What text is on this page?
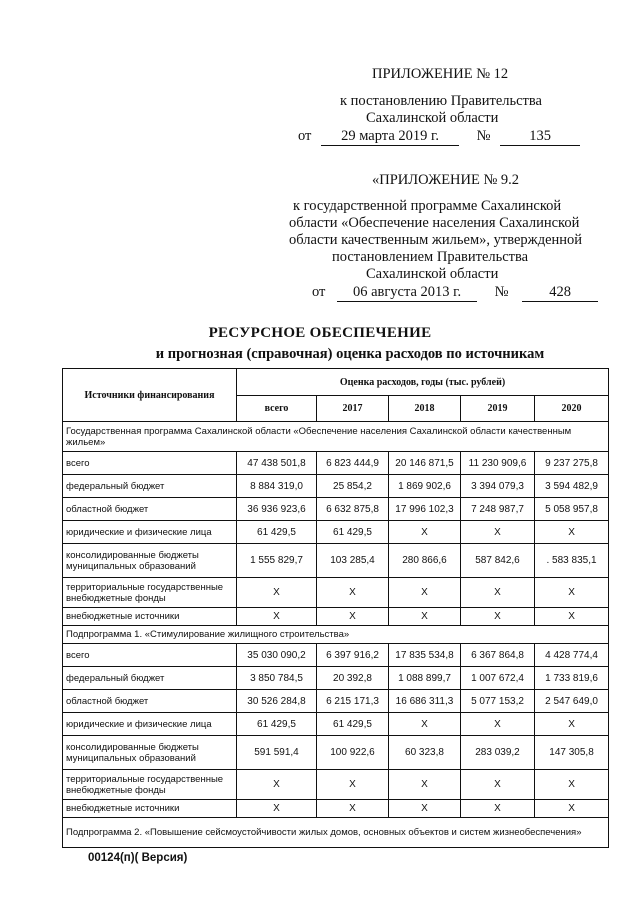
ПРИЛОЖЕНИЕ № 12
к постановлению Правительства
Сахалинской области
от 29 марта 2019 г.	№	135
«ПРИЛОЖЕНИЕ № 9.2
к государственной программе Сахалинской
области «Обеспечение населения Сахалинской
области качественным жильем», утвержденной
постановлением Правительства
Сахалинской области
от 06 августа 2013 г. №	428
РЕСУРСНОЕ ОБЕСПЕЧЕНИЕ
и прогнозная (справочная) оценка расходов по источникам
Источники финансирования	Оценка расходов, годы (тыс. рублей)				
	всего	2017	2018	2019	2020
Государственная программа Сахалинской области «Обеспечение населения Сахалинской области качественным жильем»					
всего	47 438 501,8	6 823 444,9	20 146 871,5	11 230 909,6	9 237 275,8
федеральный бюджет	8 884 319,0	25 854,2	1 869 902,6	3 394 079,3	3 594 482,9
областной бюджет	36 936 923,6	6 632 875,8	17 996 102,3	7 248 987,7	5 058 957,8
юридические и физические лица	61 429,5	61 429,5	X	X	X
консолидированные бюджеты муниципальных образований	1 555 829,7	103 285,4	280 866,6	587 842,6	. 583 835,1
территориальные государственные внебюджетные фонды	X	X	X	X	X
внебюджетные источники	X	X	X	X	X
Подпрограмма 1. «Стимулирование жилищного строительства»					
всего	35 030 090,2	6 397 916,2	17 835 534,8	6 367 864,8	4 428 774,4
федеральный бюджет	3 850 784,5	20 392,8	1 088 899,7	1 007 672,4	1 733 819,6
областной бюджет	30 526 284,8	6 215 171,3	16 686 311,3	5 077 153,2	2 547 649,0
юридические и физические лица	61 429,5	61 429,5	X	X	X
консолидированные бюджеты муниципальных образований	591 591,4	100 922,6	60 323,8	283 039,2	147 305,8
территориальные государственные внебюджетные фонды	X	X	X	X	X
внебюджетные источники	X	X	X	X	X
Подпрограмма 2. «Повышение сейсмоустойчивости жилых домов, основных объектов и систем жизнеобеспечения»					
00124(п)( Версия)
